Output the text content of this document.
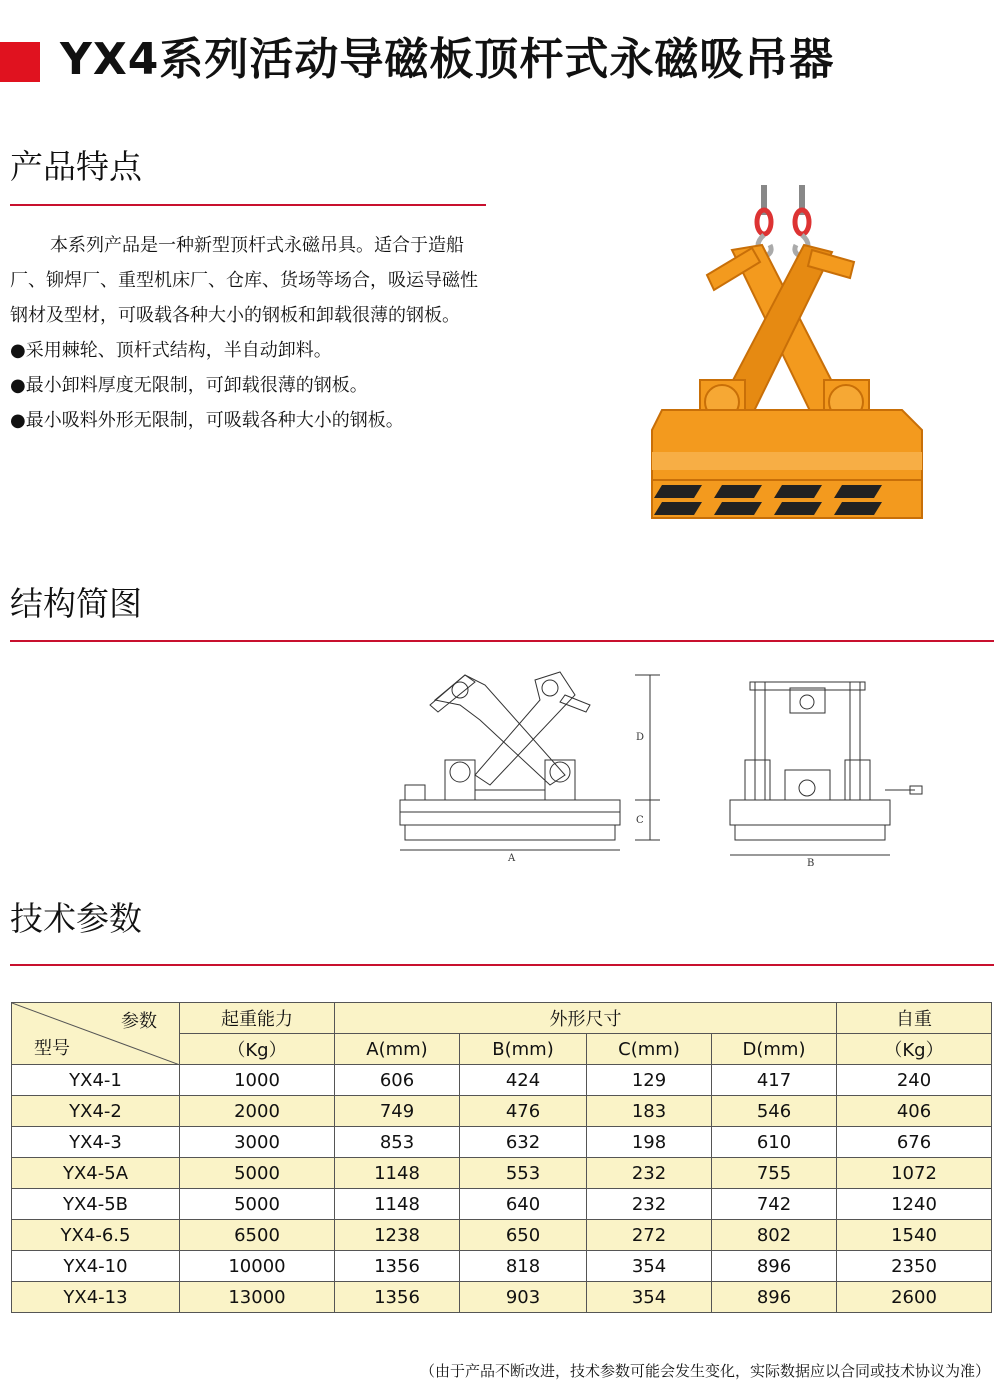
YX4系列活动导磁板顶杆式永磁吸吊器
产品特点

本系列产品是一种新型顶杆式永磁吊具。适合于造船厂、铆焊厂、重型机床厂、仓库、货场等场合，吸运导磁性钢材及型材，可吸载各种大小的钢板和卸载很薄的钢板。

●采用棘轮、顶杆式结构，半自动卸料。
●最小卸料厚度无限制，可卸载很薄的钢板。
●最小吸料外形无限制，可吸载各种大小的钢板。
结构简图
A
D
C
B
技术参数
参数
型号	起重能力	外形尺寸				自重
	（Kg）	A(mm)	B(mm)	C(mm)	D(mm)	（Kg）
YX4-1	1000	606	424	129	417	240
YX4-2	2000	749	476	183	546	406
YX4-3	3000	853	632	198	610	676
YX4-5A	5000	1148	553	232	755	1072
YX4-5B	5000	1148	640	232	742	1240
YX4-6.5	6500	1238	650	272	802	1540
YX4-10	10000	1356	818	354	896	2350
YX4-13	13000	1356	903	354	896	2600
（由于产品不断改进，技术参数可能会发生变化，实际数据应以合同或技术协议为准）
